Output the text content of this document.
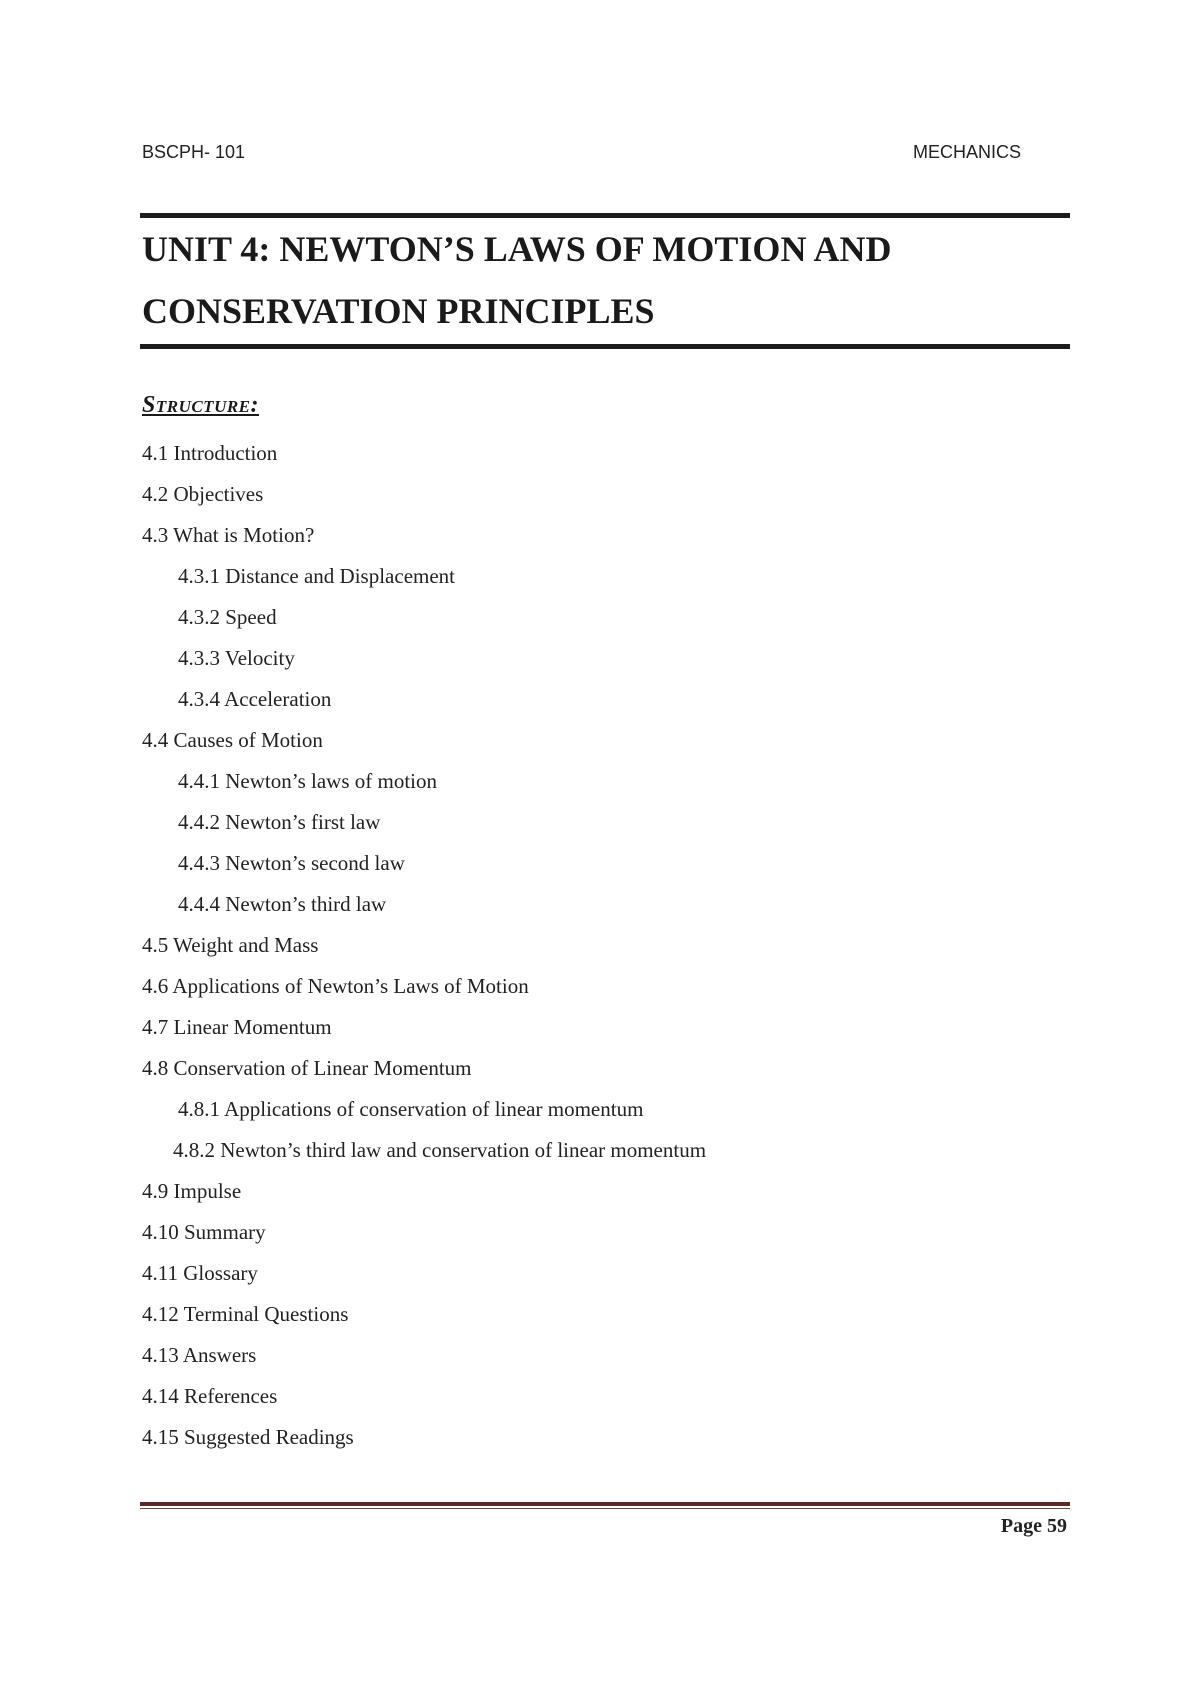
BSCPH- 101	MECHANICS
UNIT 4: NEWTON’S LAWS OF MOTION AND
CONSERVATION PRINCIPLES
Structure:
4.1 Introduction
4.2 Objectives
4.3 What is Motion?
4.3.1 Distance and Displacement
4.3.2 Speed
4.3.3 Velocity
4.3.4 Acceleration
4.4 Causes of Motion
4.4.1 Newton’s laws of motion
4.4.2 Newton’s first law
4.4.3 Newton’s second law
4.4.4 Newton’s third law
4.5 Weight and Mass
4.6 Applications of Newton’s Laws of Motion
4.7 Linear Momentum
4.8 Conservation of Linear Momentum
4.8.1 Applications of conservation of linear momentum
4.8.2 Newton’s third law and conservation of linear momentum
4.9 Impulse
4.10 Summary
4.11 Glossary
4.12 Terminal Questions
4.13 Answers
4.14 References
4.15 Suggested Readings
Page 59
